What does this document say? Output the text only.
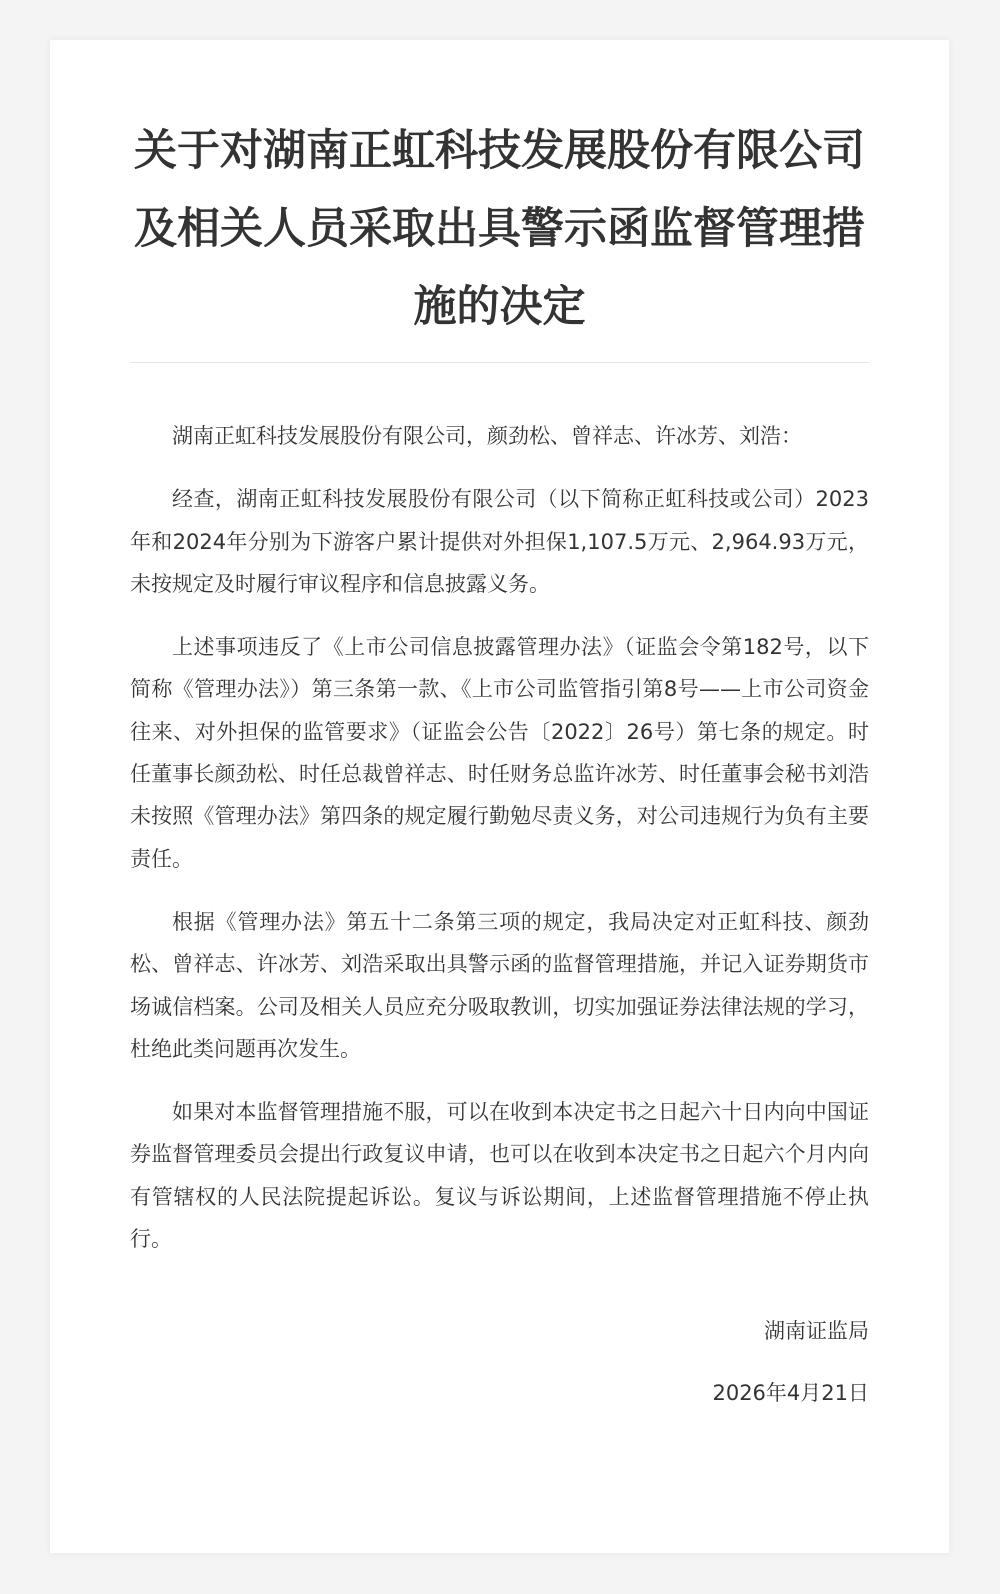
关于对湖南正虹科技发展股份有限公司及相关人员采取出具警示函监督管理措施的决定

湖南正虹科技发展股份有限公司，颜劲松、曾祥志、许冰芳、刘浩：

经查，湖南正虹科技发展股份有限公司（以下简称正虹科技或公司）2023年和2024年分别为下游客户累计提供对外担保1,107.5万元、2,964.93万元，未按规定及时履行审议程序和信息披露义务。

上述事项违反了《上市公司信息披露管理办法》（证监会令第182号，以下简称《管理办法》）第三条第一款、《上市公司监管指引第8号——上市公司资金往来、对外担保的监管要求》（证监会公告〔2022〕26号）第七条的规定。时任董事长颜劲松、时任总裁曾祥志、时任财务总监许冰芳、时任董事会秘书刘浩未按照《管理办法》第四条的规定履行勤勉尽责义务，对公司违规行为负有主要责任。

根据《管理办法》第五十二条第三项的规定，我局决定对正虹科技、颜劲松、曾祥志、许冰芳、刘浩采取出具警示函的监督管理措施，并记入证券期货市场诚信档案。公司及相关人员应充分吸取教训，切实加强证券法律法规的学习，杜绝此类问题再次发生。

如果对本监督管理措施不服，可以在收到本决定书之日起六十日内向中国证券监督管理委员会提出行政复议申请，也可以在收到本决定书之日起六个月内向有管辖权的人民法院提起诉讼。复议与诉讼期间，上述监督管理措施不停止执行。

湖南证监局

2026年4月21日
